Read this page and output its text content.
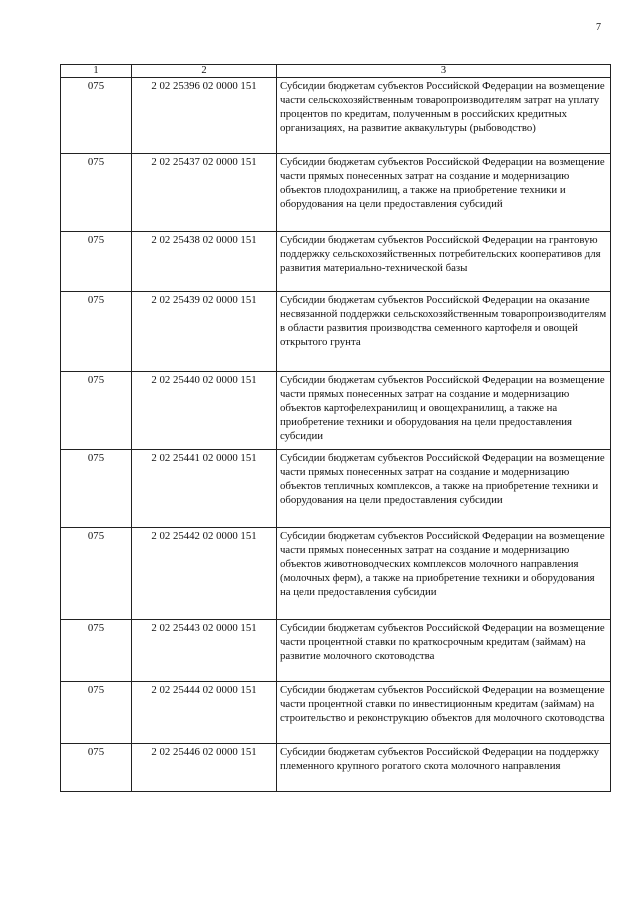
7
1	2	3
075	2 02 25396 02 0000 151	Субсидии бюджетам субъектов Российской Федерации на возмещение части сельскохозяйственным товаропроизводителям затрат на уплату процентов по кредитам, полученным в российских кредитных организациях, на развитие аквакультуры (рыбоводство)
075	2 02 25437 02 0000 151	Субсидии бюджетам субъектов Российской Федерации на возмещение части прямых понесенных затрат на создание и модернизацию объектов плодохранилищ, а также на приобретение техники и оборудования на цели предоставления субсидий
075	2 02 25438 02 0000 151	Субсидии бюджетам субъектов Российской Федерации на грантовую поддержку сельскохозяйственных потребительских кооперативов для развития материально-технической базы
075	2 02 25439 02 0000 151	Субсидии бюджетам субъектов Российской Федерации на оказание несвязанной поддержки сельскохозяйственным товаропроизводителям в области развития производства семенного картофеля и овощей открытого грунта
075	2 02 25440 02 0000 151	Субсидии бюджетам субъектов Российской Федерации на возмещение части прямых понесенных затрат на создание и модернизацию объектов картофелехранилищ и овощехранилищ, а также на приобретение техники и оборудования на цели предоставления субсидии
075	2 02 25441 02 0000 151	Субсидии бюджетам субъектов Российской Федерации на возмещение части прямых понесенных затрат на создание и модернизацию объектов тепличных комплексов, а также на приобретение техники и оборудования на цели предоставления субсидии
075	2 02 25442 02 0000 151	Субсидии бюджетам субъектов Российской Федерации на возмещение части прямых понесенных затрат на создание и модернизацию объектов животноводческих комплексов молочного направления (молочных ферм), а также на приобретение техники и оборудования на цели предоставления субсидии
075	2 02 25443 02 0000 151	Субсидии бюджетам субъектов Российской Федерации на возмещение части процентной ставки по краткосрочным кредитам (займам) на развитие молочного скотоводства
075	2 02 25444 02 0000 151	Субсидии бюджетам субъектов Российской Федерации на возмещение части процентной ставки по инвестиционным кредитам (займам) на строительство и реконструкцию объектов для молочного скотоводства
075	2 02 25446 02 0000 151	Субсидии бюджетам субъектов Российской Федерации на поддержку племенного крупного рогатого скота молочного направления
